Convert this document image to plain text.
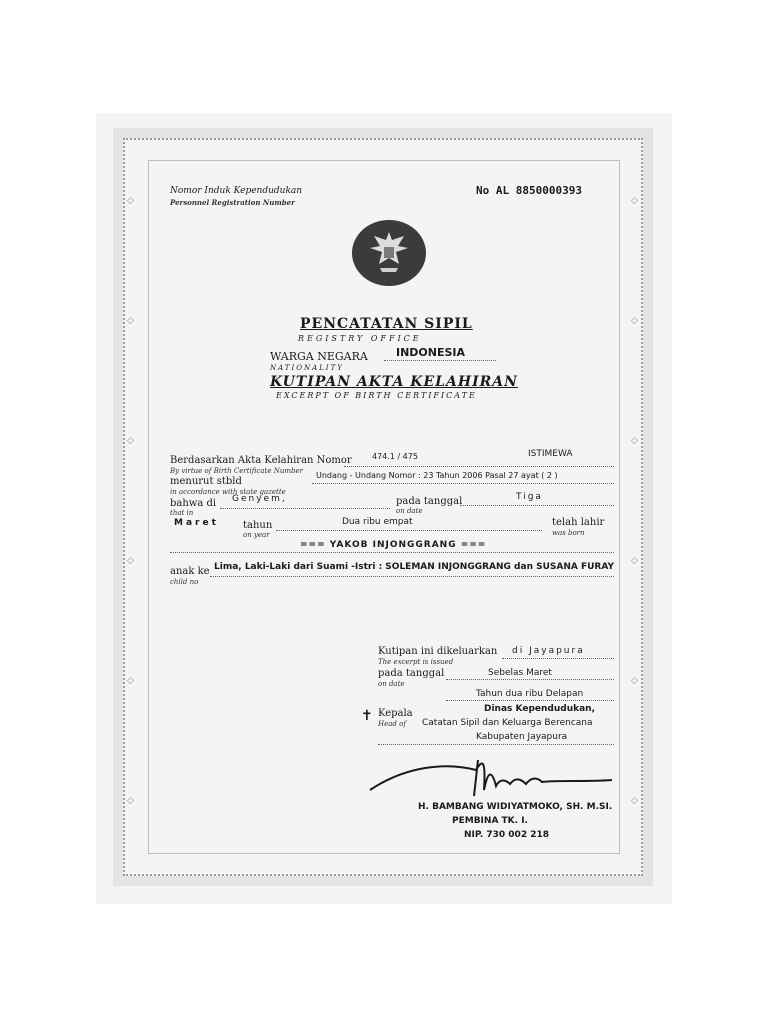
◇
◇
◇
◇
◇
◇
◇
◇
◇
◇
◇
◇
Nomor Induk Kependudukan
Personnel Registration Number
No AL 8850000393
PENCATATAN SIPIL
REGISTRY OFFICE
WARGA NEGARA	INDONESIA
NATIONALITY
KUTIPAN AKTA KELAHIRAN
EXCERPT OF BIRTH CERTIFICATE
Berdasarkan Akta Kelahiran Nomor	474.1 / 475	ISTIMEWA
By virtue of Birth Certificate Number
menurut stbld
Undang - Undang Nomor : 23 Tahun 2006 Pasal 27 ayat ( 2 )
in accordance with state gazette
bahwa di Genyem,	pada tanggal	Tiga
that in	on date
Maret tahun	Dua ribu empat	telah lahir
on year	was born
=== YAKOB INJONGGRANG ===
anak ke Lima, Laki-Laki dari Suami -Istri : SOLEMAN INJONGGRANG dan SUSANA FURAY
child no
Kutipan ini dikeluarkan di Jayapura
The excerpt is issued
pada tanggal	Sebelas Maret
on date
Tahun dua ribu Delapan
✝ Kepala
Head of
Dinas Kependudukan,
Catatan Sipil dan Keluarga Berencana
Kabupaten Jayapura
H. BAMBANG WIDIYATMOKO, SH. M.SI.
PEMBINA TK. I.
NIP. 730 002 218
·
